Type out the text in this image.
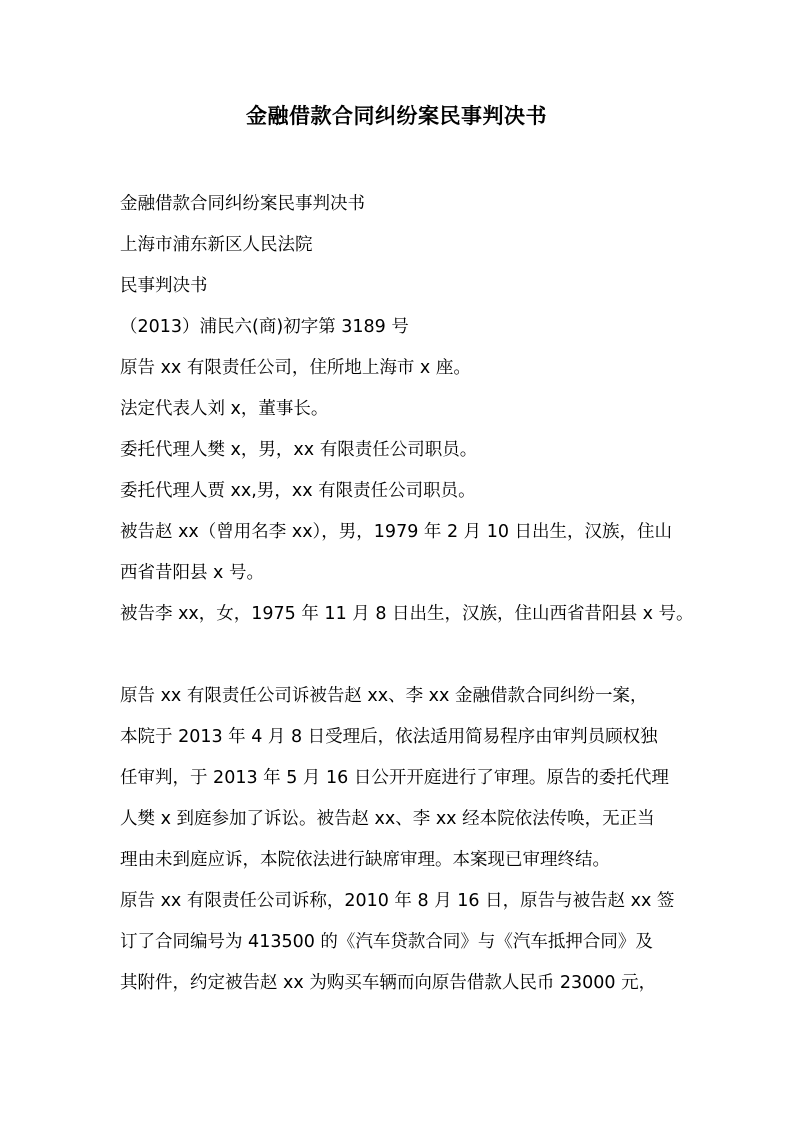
金融借款合同纠纷案民事判决书

金融借款合同纠纷案民事判决书

上海市浦东新区人民法院

民事判决书

（2013）浦民六(商)初字第 3189 号

原告 xx 有限责任公司，住所地上海市 x 座。

法定代表人刘 x，董事长。

委托代理人樊 x，男，xx 有限责任公司职员。

委托代理人贾 xx,男，xx 有限责任公司职员。

被告赵 xx（曾用名李 xx），男，1979 年 2 月 10 日出生，汉族，住山

西省昔阳县 x 号。

被告李 xx，女，1975 年 11 月 8 日出生，汉族，住山西省昔阳县 x 号。

原告 xx 有限责任公司诉被告赵 xx、李 xx 金融借款合同纠纷一案，

本院于 2013 年 4 月 8 日受理后，依法适用简易程序由审判员顾权独

任审判，于 2013 年 5 月 16 日公开开庭进行了审理。原告的委托代理

人樊 x 到庭参加了诉讼。被告赵 xx、李 xx 经本院依法传唤，无正当

理由未到庭应诉，本院依法进行缺席审理。本案现已审理终结。

原告 xx 有限责任公司诉称，2010 年 8 月 16 日，原告与被告赵 xx 签

订了合同编号为 413500 的《汽车贷款合同》与《汽车抵押合同》及

其附件，约定被告赵 xx 为购买车辆而向原告借款人民币 23000 元，
